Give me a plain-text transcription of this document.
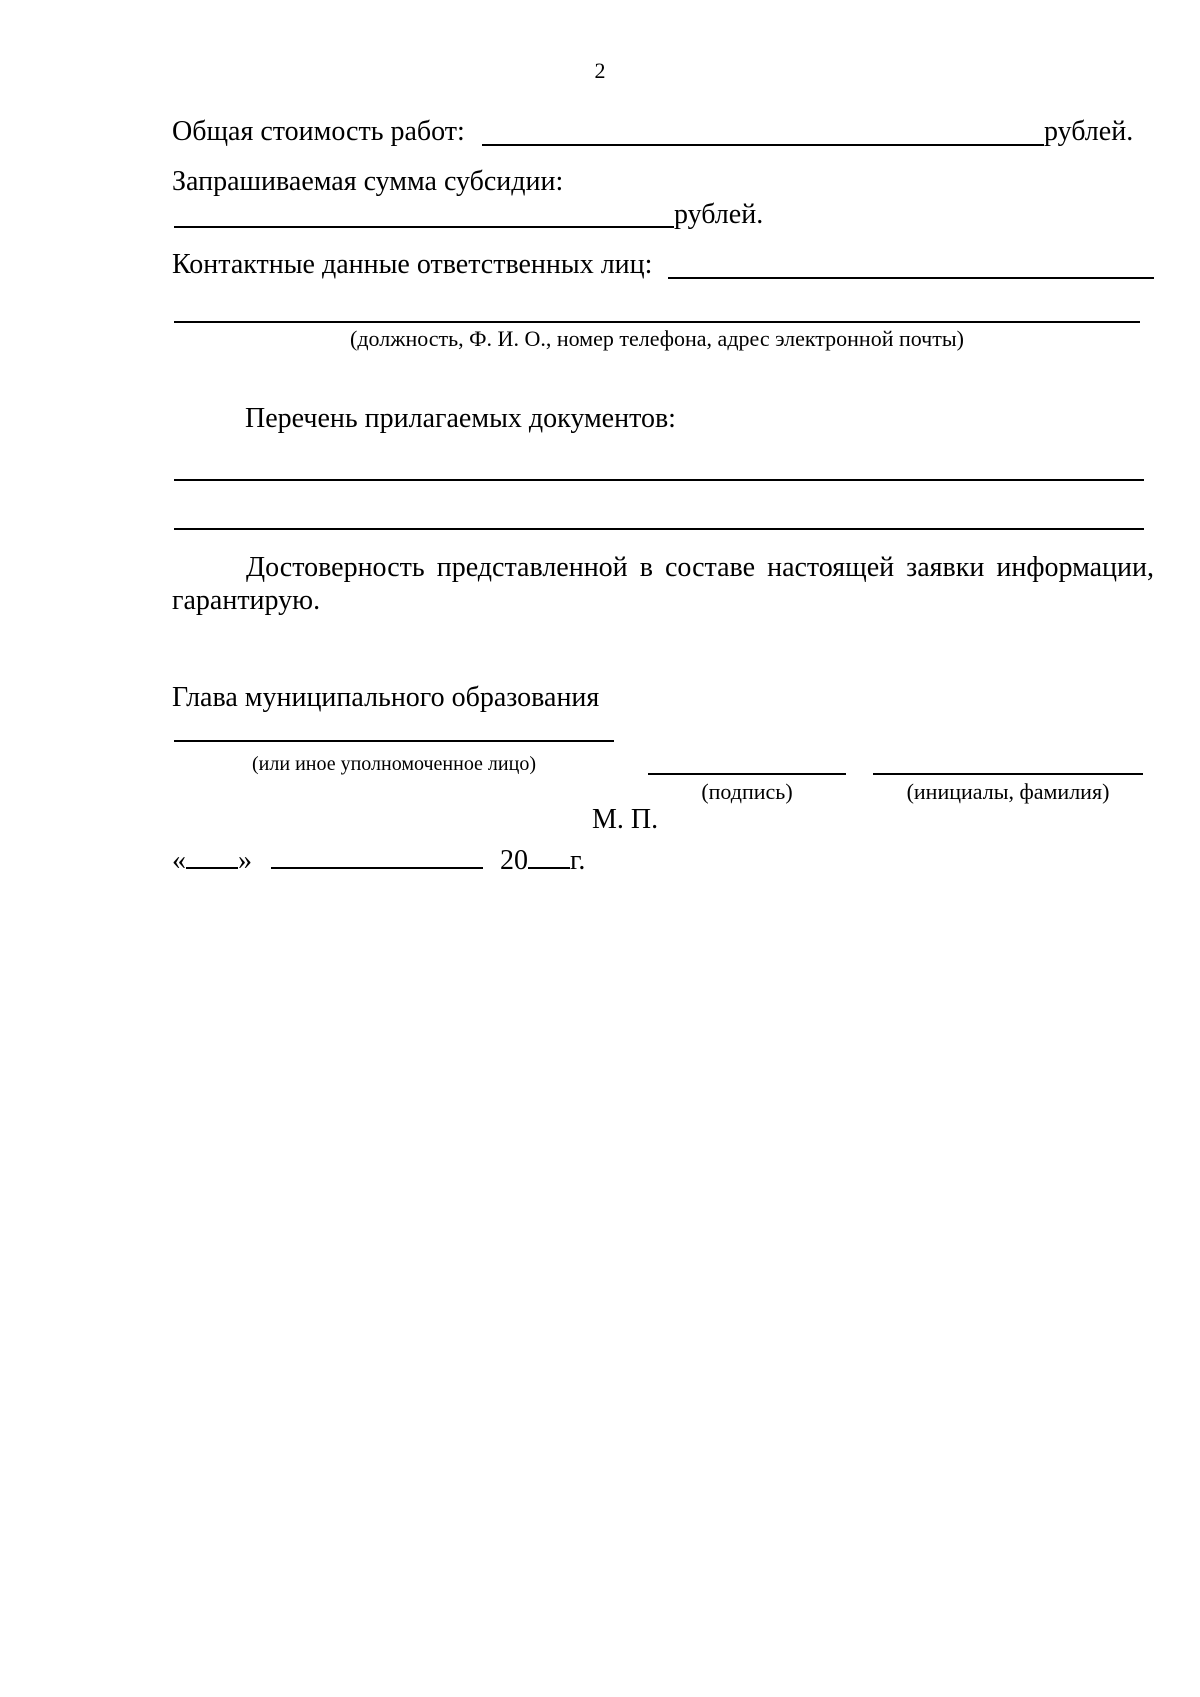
2
Общая стоимость работ:	рублей.
Запрашиваемая сумма субсидии:
рублей.
Контактные данные ответственных лиц:
(должность, Ф. И. О., номер телефона, адрес электронной почты)
Перечень прилагаемых документов:
Достоверность представленной в составе настоящей заявки информации,
гарантирую.
Глава муниципального образования
(или иное уполномоченное лицо)
(подпись)	(инициалы, фамилия)
М. П.
« »	20 г.
